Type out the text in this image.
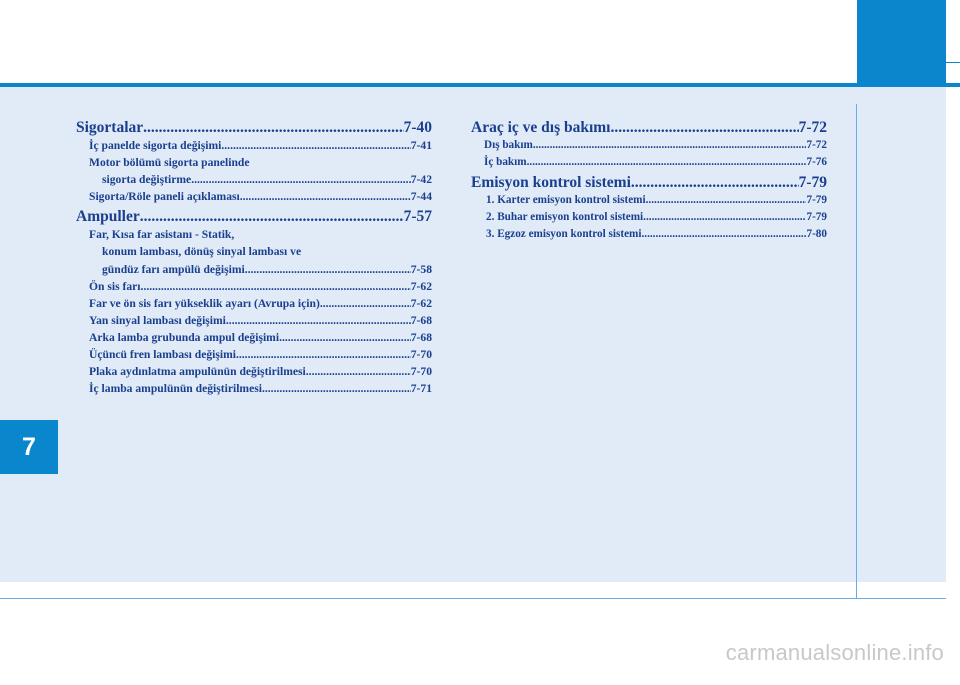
7
Sigortalar .....	7-40
İç panelde sigorta değişimi .....	7-41
Motor bölümü sigorta panelinde
sigorta değiştirme .....	7-42
Sigorta/Röle paneli açıklaması .....	7-44
Ampuller .....	7-57
Far, Kısa far asistanı - Statik,
konum lambası, dönüş sinyal lambası ve
gündüz farı ampülü değişimi .....	7-58
Ön sis farı .....	7-62
Far ve ön sis farı yükseklik ayarı (Avrupa için) .....	7-62
Yan sinyal lambası değişimi .....	7-68
Arka lamba grubunda ampul değişimi .....	7-68
Üçüncü fren lambası değişimi .....	7-70
Plaka aydınlatma ampulünün değiştirilmesi .....	7-70
İç lamba ampulünün değiştirilmesi .....	7-71
Araç iç ve dış bakımı .....	7-72
Dış bakım .....	7-72
İç bakım .....	7-76
Emisyon kontrol sistemi .....	7-79
1. Karter emisyon kontrol sistemi .....	7-79
2. Buhar emisyon kontrol sistemi .....	7-79
3. Egzoz emisyon kontrol sistemi .....	7-80
carmanualsonline.info
